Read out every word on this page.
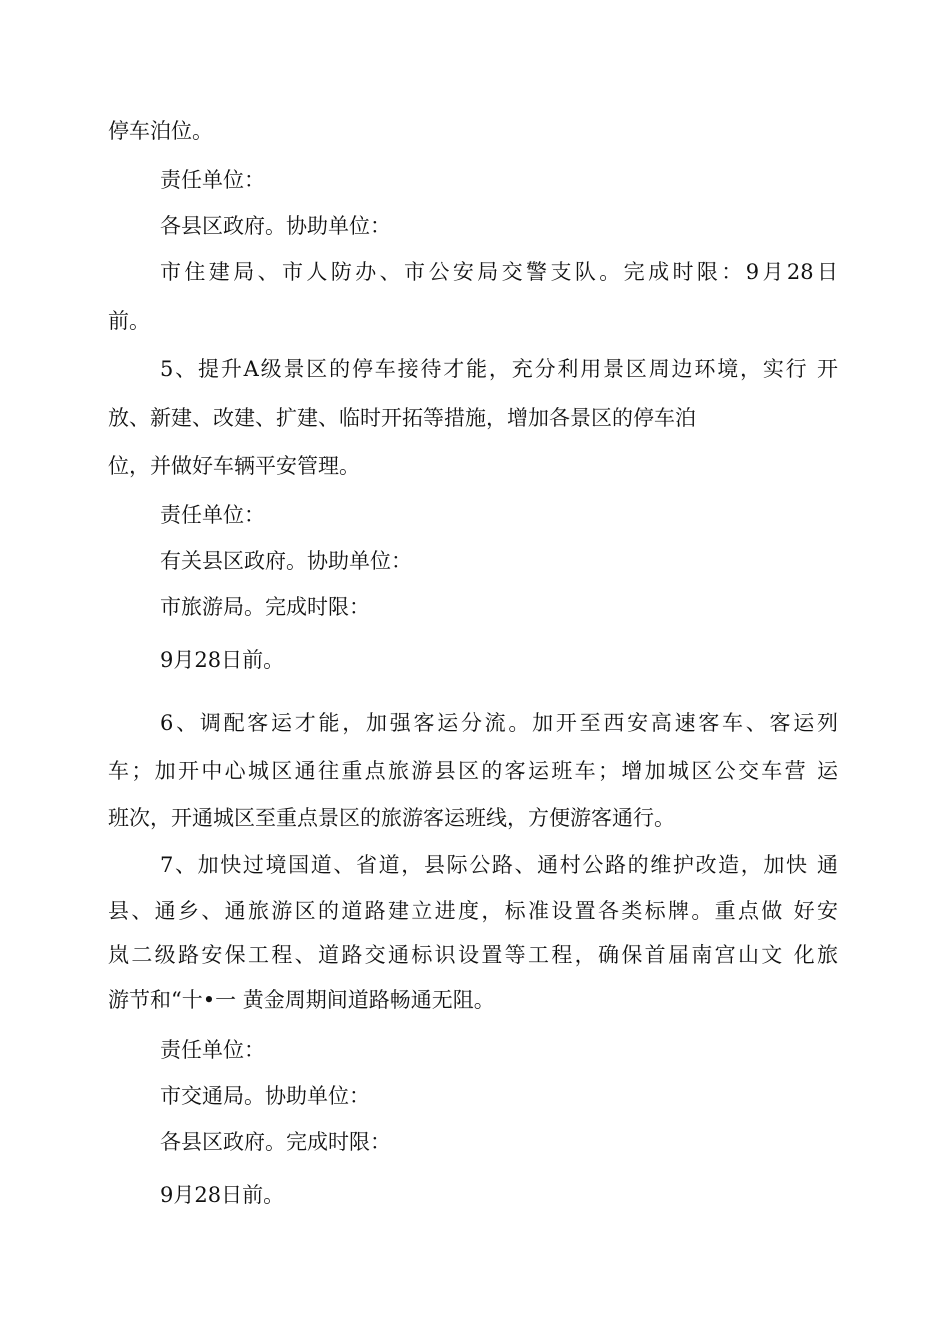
停车泊位。
责任单位：
各县区政府。协助单位：
市住建局、市人防办、市公安局交警支队。完成时限：9月28日
前。
5、提升A级景区的停车接待才能，充分利用景区周边环境，实行 开
放、新建、改建、扩建、临时开拓等措施，增加各景区的停车泊
位，并做好车辆平安管理。
责任单位：
有关县区政府。协助单位：
市旅游局。完成时限：
9月28日前。
6、调配客运才能，加强客运分流。加开至西安高速客车、客运列
车；加开中心城区通往重点旅游县区的客运班车；增加城区公交车营 运
班次，开通城区至重点景区的旅游客运班线，方便游客通行。
7、加快过境国道、省道，县际公路、通村公路的维护改造，加快 通
县、通乡、通旅游区的道路建立进度，标准设置各类标牌。重点做 好安
岚二级路安保工程、道路交通标识设置等工程，确保首届南宫山文 化旅
游节和“十•一 黄金周期间道路畅通无阻。
责任单位：
市交通局。协助单位：
各县区政府。完成时限：
9月28日前。
